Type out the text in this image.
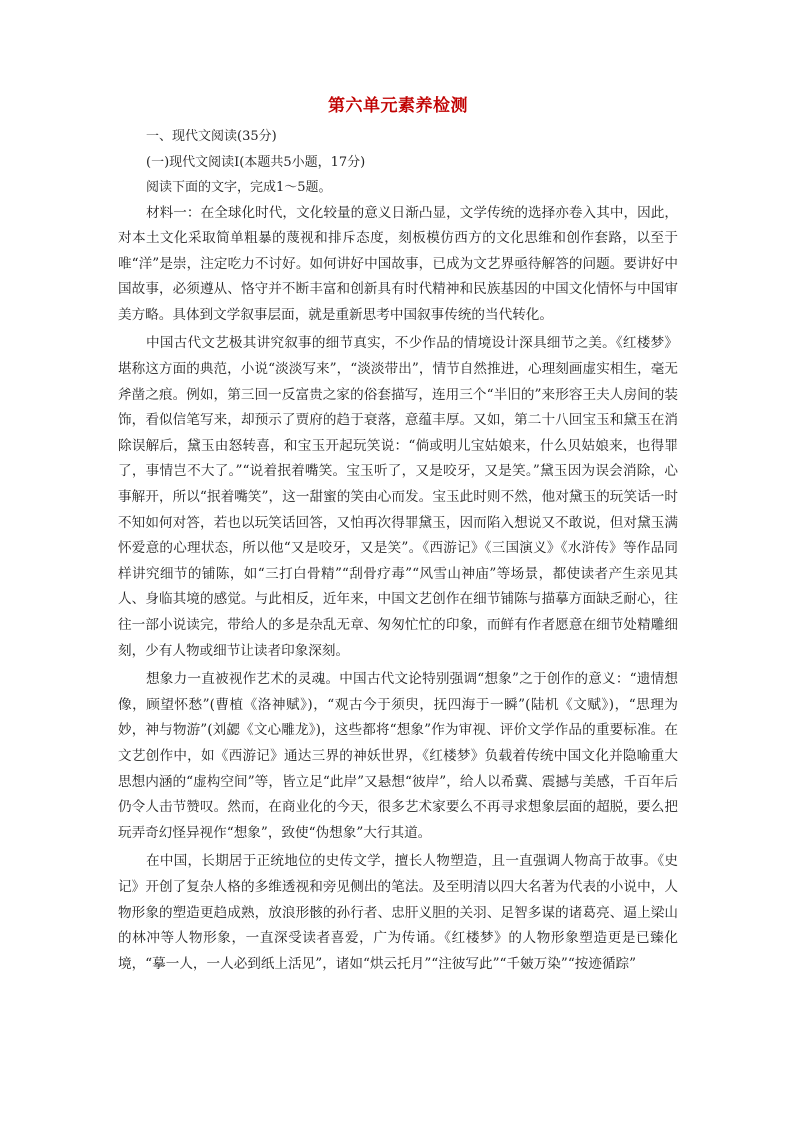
第六单元素养检测

一、现代文阅读(35分)

(一)现代文阅读Ⅰ(本题共5小题，17分)

阅读下面的文字，完成1～5题。

材料一：在全球化时代，文化较量的意义日渐凸显，文学传统的选择亦卷入其中，因此，对本土文化采取简单粗暴的蔑视和排斥态度，刻板模仿西方的文化思维和创作套路，以至于唯“洋”是崇，注定吃力不讨好。如何讲好中国故事，已成为文艺界亟待解答的问题。要讲好中国故事，必须遵从、恪守并不断丰富和创新具有时代精神和民族基因的中国文化情怀与中国审美方略。具体到文学叙事层面，就是重新思考中国叙事传统的当代转化。

中国古代文艺极其讲究叙事的细节真实，不少作品的情境设计深具细节之美。《红楼梦》堪称这方面的典范，小说“淡淡写来”，“淡淡带出”，情节自然推进，心理刻画虚实相生，毫无斧凿之痕。例如，第三回一反富贵之家的俗套描写，连用三个“半旧的”来形容王夫人房间的装饰，看似信笔写来，却预示了贾府的趋于衰落，意蕴丰厚。又如，第二十八回宝玉和黛玉在消除误解后，黛玉由怒转喜，和宝玉开起玩笑说：“倘或明儿宝姑娘来，什么贝姑娘来，也得罪了，事情岂不大了。”“说着抿着嘴笑。宝玉听了，又是咬牙，又是笑。”黛玉因为误会消除，心事解开，所以“抿着嘴笑”，这一甜蜜的笑由心而发。宝玉此时则不然，他对黛玉的玩笑话一时不知如何对答，若也以玩笑话回答，又怕再次得罪黛玉，因而陷入想说又不敢说，但对黛玉满怀爱意的心理状态，所以他“又是咬牙，又是笑”。《西游记》《三国演义》《水浒传》等作品同样讲究细节的铺陈，如“三打白骨精”“刮骨疗毒”“风雪山神庙”等场景，都使读者产生亲见其人、身临其境的感觉。与此相反，近年来，中国文艺创作在细节铺陈与描摹方面缺乏耐心，往往一部小说读完，带给人的多是杂乱无章、匆匆忙忙的印象，而鲜有作者愿意在细节处精雕细刻，少有人物或细节让读者印象深刻。

想象力一直被视作艺术的灵魂。中国古代文论特别强调“想象”之于创作的意义：“遗情想像，顾望怀愁”(曹植《洛神赋》)，“观古今于须臾，抚四海于一瞬”(陆机《文赋》)，“思理为妙，神与物游”(刘勰《文心雕龙》)，这些都将“想象”作为审视、评价文学作品的重要标准。在文艺创作中，如《西游记》通达三界的神妖世界，《红楼梦》负载着传统中国文化并隐喻重大思想内涵的“虚构空间”等，皆立足“此岸”又悬想“彼岸”，给人以希冀、震撼与美感，千百年后仍令人击节赞叹。然而，在商业化的今天，很多艺术家要么不再寻求想象层面的超脱，要么把玩弄奇幻怪异视作“想象”，致使“伪想象”大行其道。

在中国，长期居于正统地位的史传文学，擅长人物塑造，且一直强调人物高于故事。《史记》开创了复杂人格的多维透视和旁见侧出的笔法。及至明清以四大名著为代表的小说中，人物形象的塑造更趋成熟，放浪形骸的孙行者、忠肝义胆的关羽、足智多谋的诸葛亮、逼上梁山的林冲等人物形象，一直深受读者喜爱，广为传诵。《红楼梦》的人物形象塑造更是已臻化境，“摹一人，一人必到纸上活见”，诸如“烘云托月”“注彼写此”“千皴万染”“按迹循踪”
